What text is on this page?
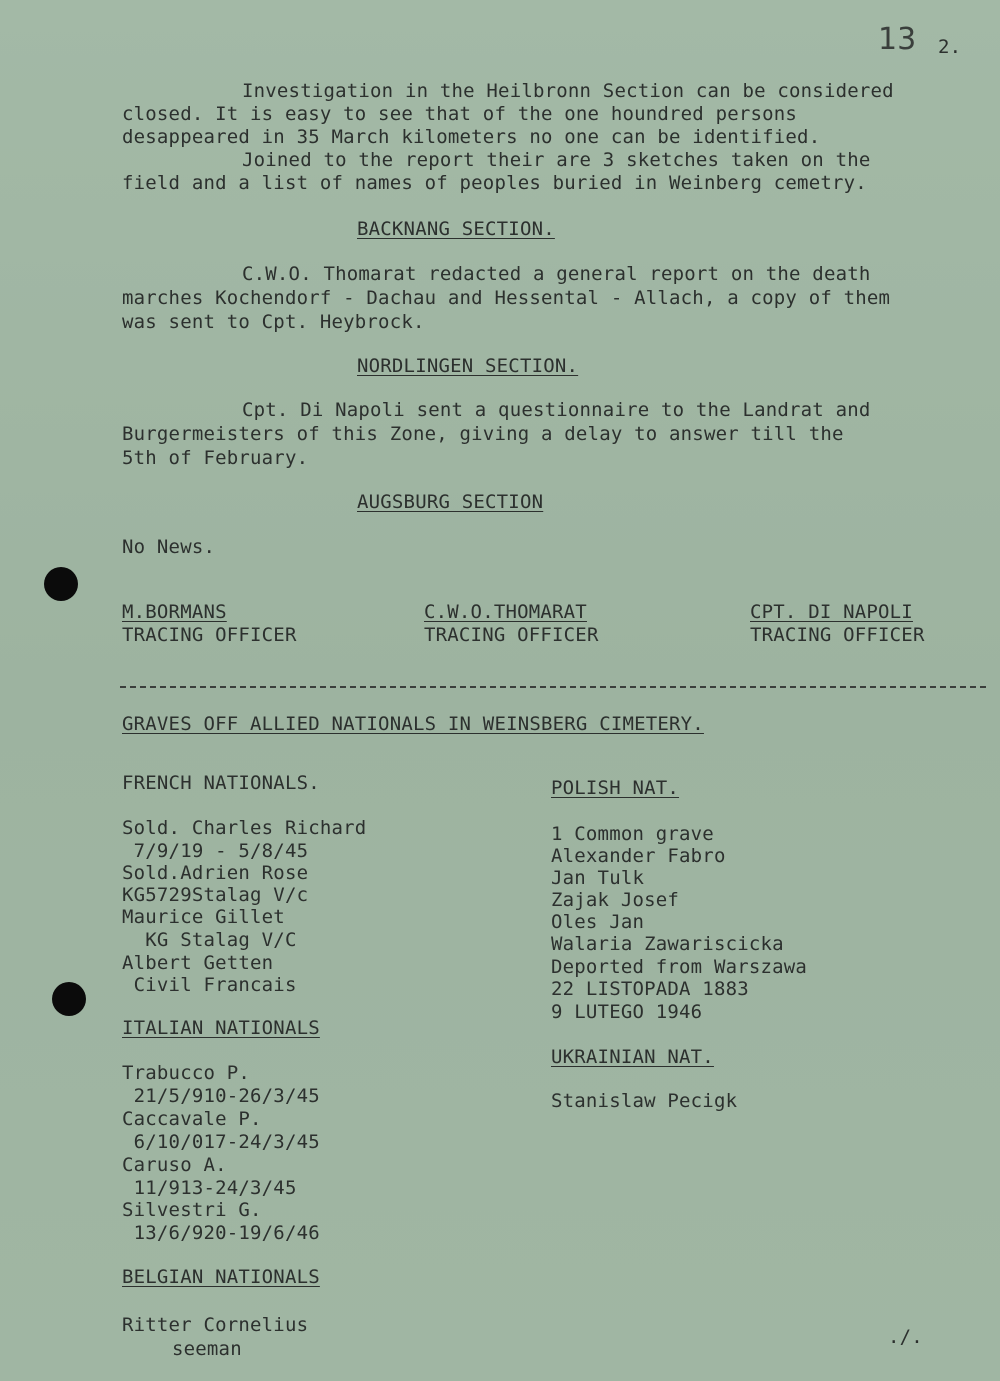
13 2.
Investigation in the Heilbronn Section can be considered
closed. It is easy to see that of the one houndred persons
desappeared in 35 March kilometers no one can be identified.
Joined to the report their are 3 sketches taken on the
field and a list of names of peoples buried in Weinberg cemetry.
BACKNANG SECTION.
C.W.O. Thomarat redacted a general report on the death
marches Kochendorf - Dachau and Hessental - Allach, a copy of them
was sent to Cpt. Heybrock.
NORDLINGEN SECTION.
Cpt. Di Napoli sent a questionnaire to the Landrat and
Burgermeisters of this Zone, giving a delay to answer till the
5th of February.
AUGSBURG SECTION
No News.
M.BORMANS
TRACING OFFICER
C.W.O.THOMARAT
TRACING OFFICER
CPT. DI NAPOLI
TRACING OFFICER
GRAVES OFF ALLIED NATIONALS IN WEINSBERG CIMETERY.
FRENCH NATIONALS.
Sold. Charles Richard
7/9/19 - 5/8/45
Sold.Adrien Rose
KG5729Stalag V/c
Maurice Gillet
KG Stalag V/C
Albert Getten
Civil Francais
ITALIAN NATIONALS
Trabucco P.
21/5/910-26/3/45
Caccavale P.
6/10/017-24/3/45
Caruso A.
11/913-24/3/45
Silvestri G.
13/6/920-19/6/46
BELGIAN NATIONALS
Ritter Cornelius
seeman
POLISH NAT.
1 Common grave
Alexander Fabro
Jan Tulk
Zajak Josef
Oles Jan
Walaria Zawariscicka
Deported from Warszawa
22 LISTOPADA 1883
9 LUTEGO 1946
UKRAINIAN NAT.
Stanislaw Pecigk
./.
